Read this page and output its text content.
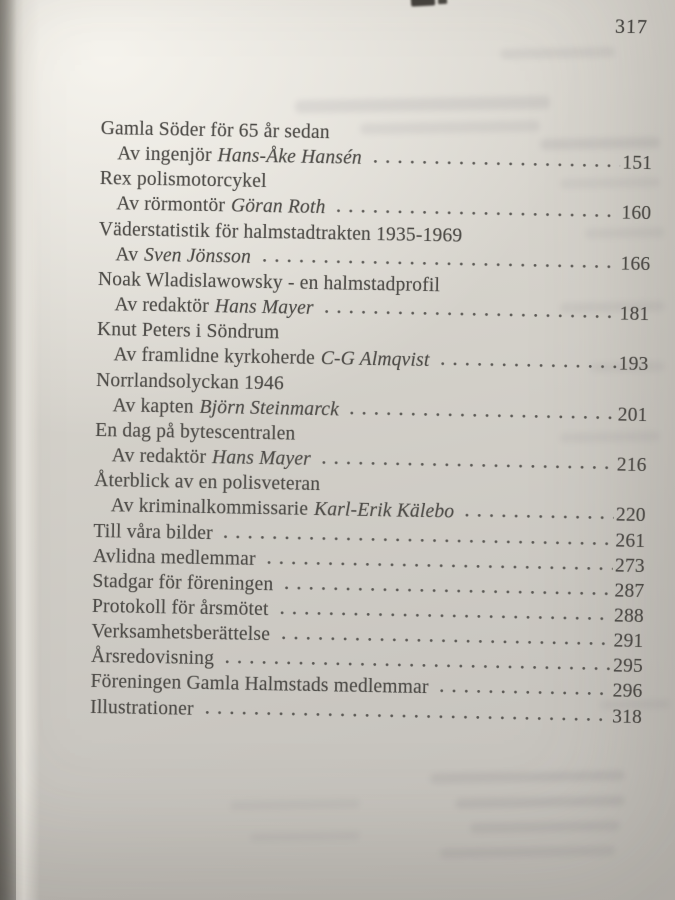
317
Gamla Söder för 65 år sedan
Av ingenjör Hans-Åke Hansén	151
Rex polismotorcykel
Av rörmontör Göran Roth	160
Väderstatistik för halmstadtrakten 1935-1969
Av Sven Jönsson	166
Noak Wladislawowsky - en halmstadprofil
Av redaktör Hans Mayer	181
Knut Peters i Söndrum
Av framlidne kyrkoherde C-G Almqvist	193
Norrlandsolyckan 1946
Av kapten Björn Steinmarck	201
En dag på bytescentralen
Av redaktör Hans Mayer	216
Återblick av en polisveteran
Av kriminalkommissarie Karl-Erik Kälebo	220
Till våra bilder	261
Avlidna medlemmar	273
Stadgar för föreningen	287
Protokoll för årsmötet	288
Verksamhetsberättelse	291
Årsredovisning	295
Föreningen Gamla Halmstads medlemmar	296
Illustrationer	318
